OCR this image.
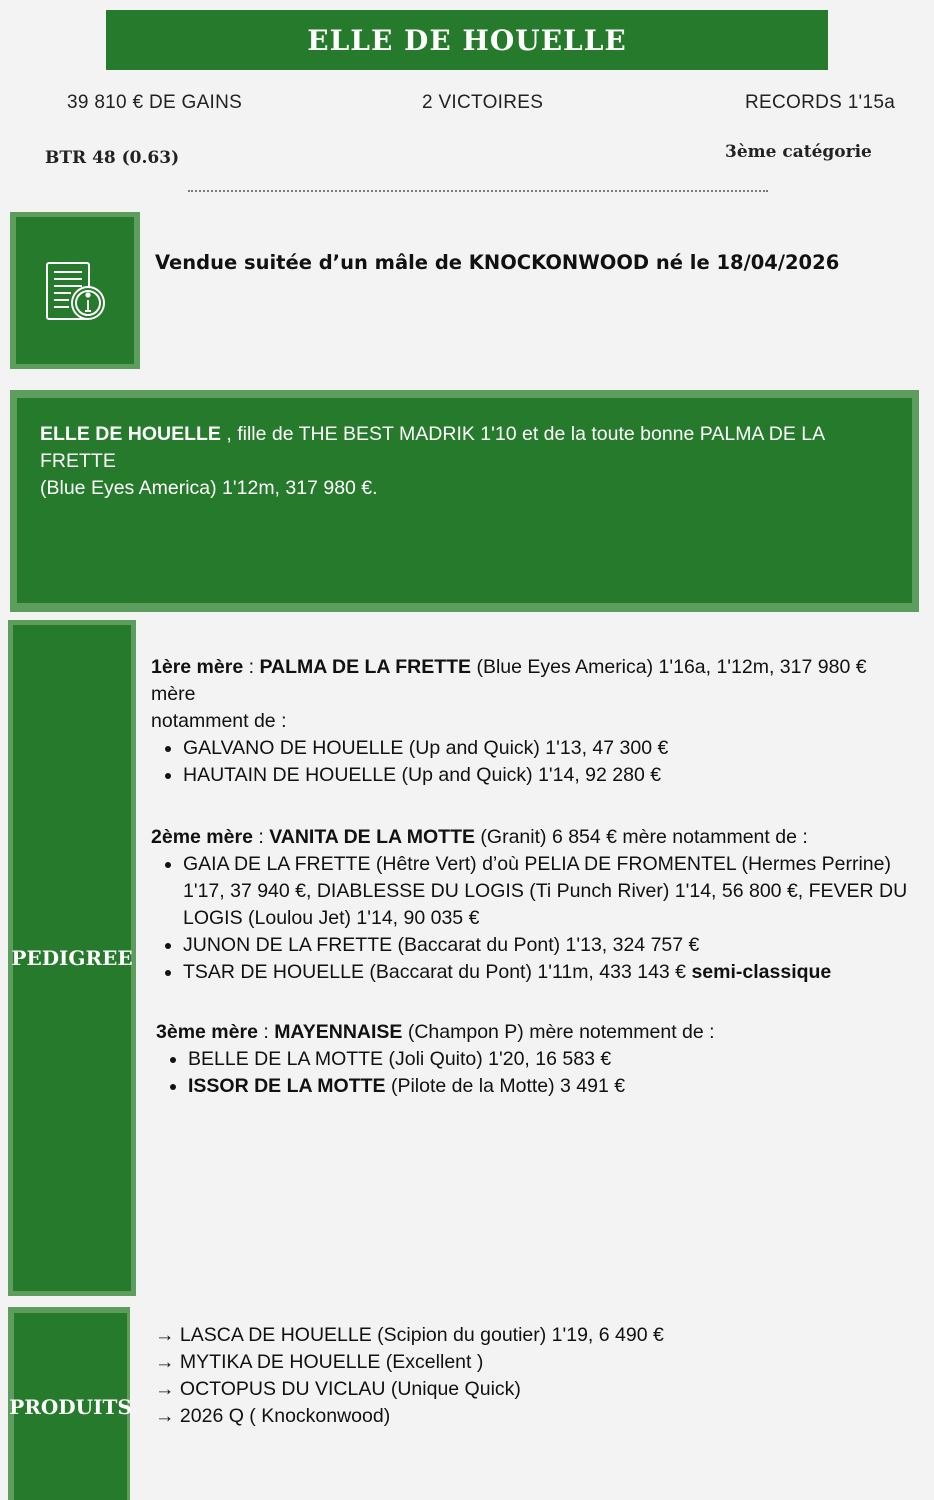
ELLE DE HOUELLE
39 810 € DE GAINS	2 VICTOIRES	RECORDS 1'15a
BTR 48 (0.63)	3ème catégorie
Vendue suitée d’un mâle de KNOCKONWOOD né le 18/04/2026
ELLE DE HOUELLE , fille de THE BEST MADRIK 1'10 et de la toute bonne PALMA DE LA FRETTE
(Blue Eyes America) 1'12m, 317 980 €.
PEDIGREE
1ère mère : PALMA DE LA FRETTE (Blue Eyes America) 1'16a, 1'12m, 317 980 € mère
notamment de :
• GALVANO DE HOUELLE (Up and Quick) 1'13, 47 300 €
• HAUTAIN DE HOUELLE (Up and Quick) 1'14, 92 280 €
2ème mère : VANITA DE LA MOTTE (Granit) 6 854 € mère notamment de :
• GAIA DE LA FRETTE (Hêtre Vert) d’où PELIA DE FROMENTEL (Hermes Perrine) 1'17, 37 940 €, DIABLESSE DU LOGIS (Ti Punch River) 1'14, 56 800 €, FEVER DU LOGIS (Loulou Jet) 1'14, 90 035 €
• JUNON DE LA FRETTE (Baccarat du Pont) 1'13, 324 757 €
• TSAR DE HOUELLE (Baccarat du Pont) 1'11m, 433 143 € semi-classique
3ème mère : MAYENNAISE (Champon P) mère notemment de :
• BELLE DE LA MOTTE (Joli Quito) 1'20, 16 583 €
• ISSOR DE LA MOTTE (Pilote de la Motte) 3 491 €
PRODUITS
→ LASCA DE HOUELLE (Scipion du goutier) 1'19, 6 490 €
→ MYTIKA DE HOUELLE (Excellent )
→ OCTOPUS DU VICLAU (Unique Quick)
→ 2026 Q ( Knockonwood)
